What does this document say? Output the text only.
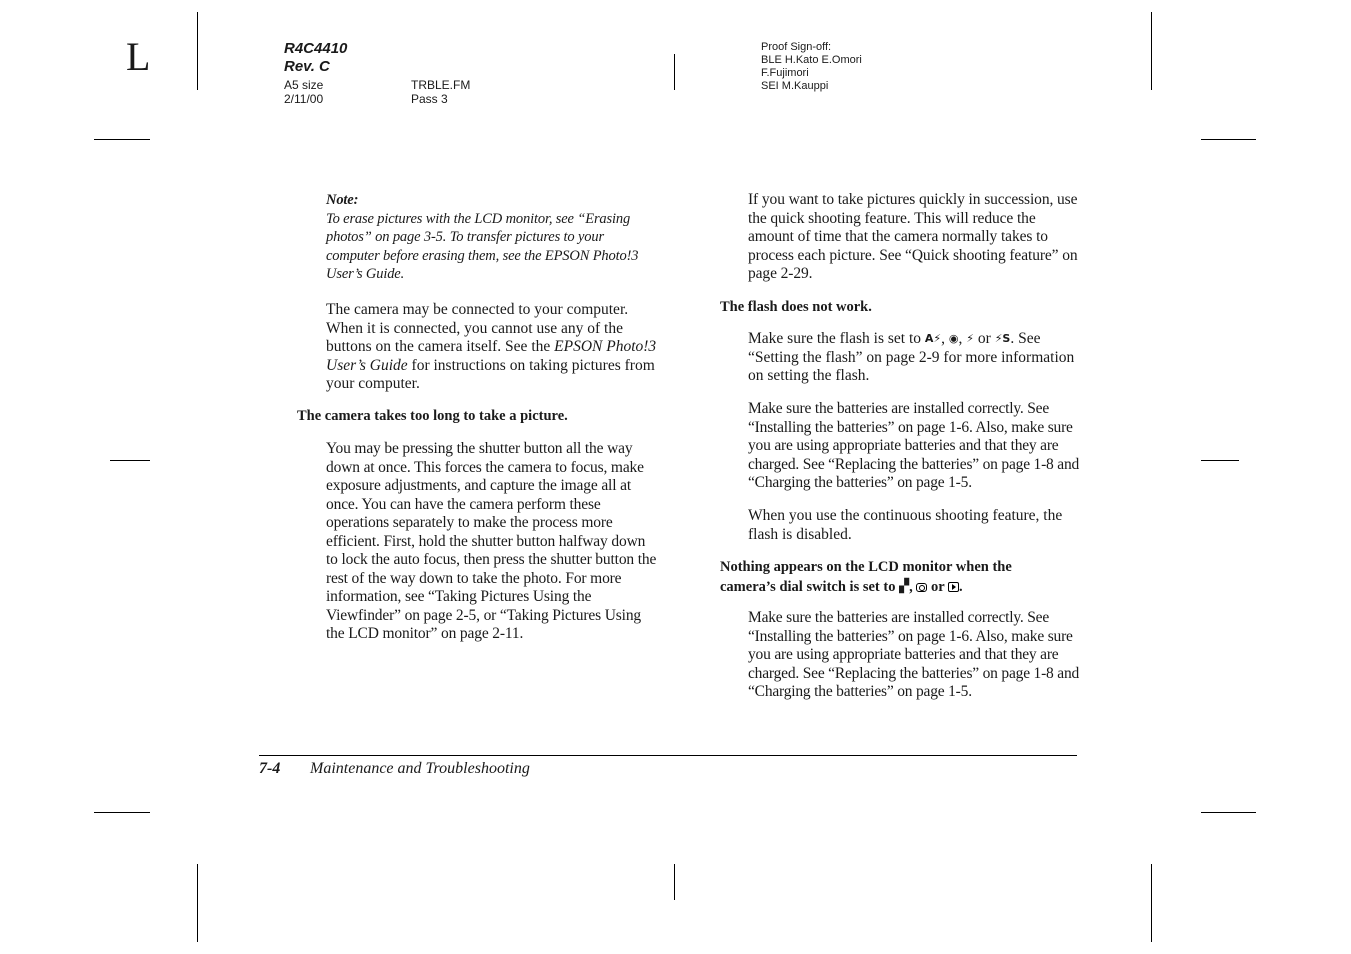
L	R4C4410
Rev. C
A5 size
2/11/00
TRBLE.FM
Pass 3
Proof Sign-off:
BLE H.Kato E.Omori
F.Fujimori
SEI M.Kauppi
Note:
To erase pictures with the LCD monitor, see “Erasing photos” on page 3-5. To transfer pictures to your computer before erasing them, see the EPSON Photo!3 User’s Guide.
The camera may be connected to your computer. When it is connected, you cannot use any of the buttons on the camera itself. See the EPSON Photo!3 User’s Guide for instructions on taking pictures from your computer.
The camera takes too long to take a picture.
You may be pressing the shutter button all the way down at once. This forces the camera to focus, make exposure adjustments, and capture the image all at once. You can have the camera perform these operations separately to make the process more efficient. First, hold the shutter button halfway down to lock the auto focus, then press the shutter button the rest of the way down to take the photo. For more information, see “Taking Pictures Using the Viewfinder” on page 2-5, or “Taking Pictures Using the LCD monitor” on page 2-11.
If you want to take pictures quickly in succession, use the quick shooting feature. This will reduce the amount of time that the camera normally takes to process each picture. See “Quick shooting feature” on page 2-29.
The flash does not work.
Make sure the flash is set to A⚡, ◉, ⚡ or ⚡S. See “Setting the flash” on page 2-9 for more information on setting the flash.
Make sure the batteries are installed correctly. See “Installing the batteries” on page 1-6. Also, make sure you are using appropriate batteries and that they are charged. See “Replacing the batteries” on page 1-8 and “Charging the batteries” on page 1-5.
When you use the continuous shooting feature, the flash is disabled.
Nothing appears on the LCD monitor when the camera’s dial switch is set to ▞,  or .
Make sure the batteries are installed correctly. See “Installing the batteries” on page 1-6. Also, make sure you are using appropriate batteries and that they are charged. See “Replacing the batteries” on page 1-8 and “Charging the batteries” on page 1-5.
7-4 Maintenance and Troubleshooting
